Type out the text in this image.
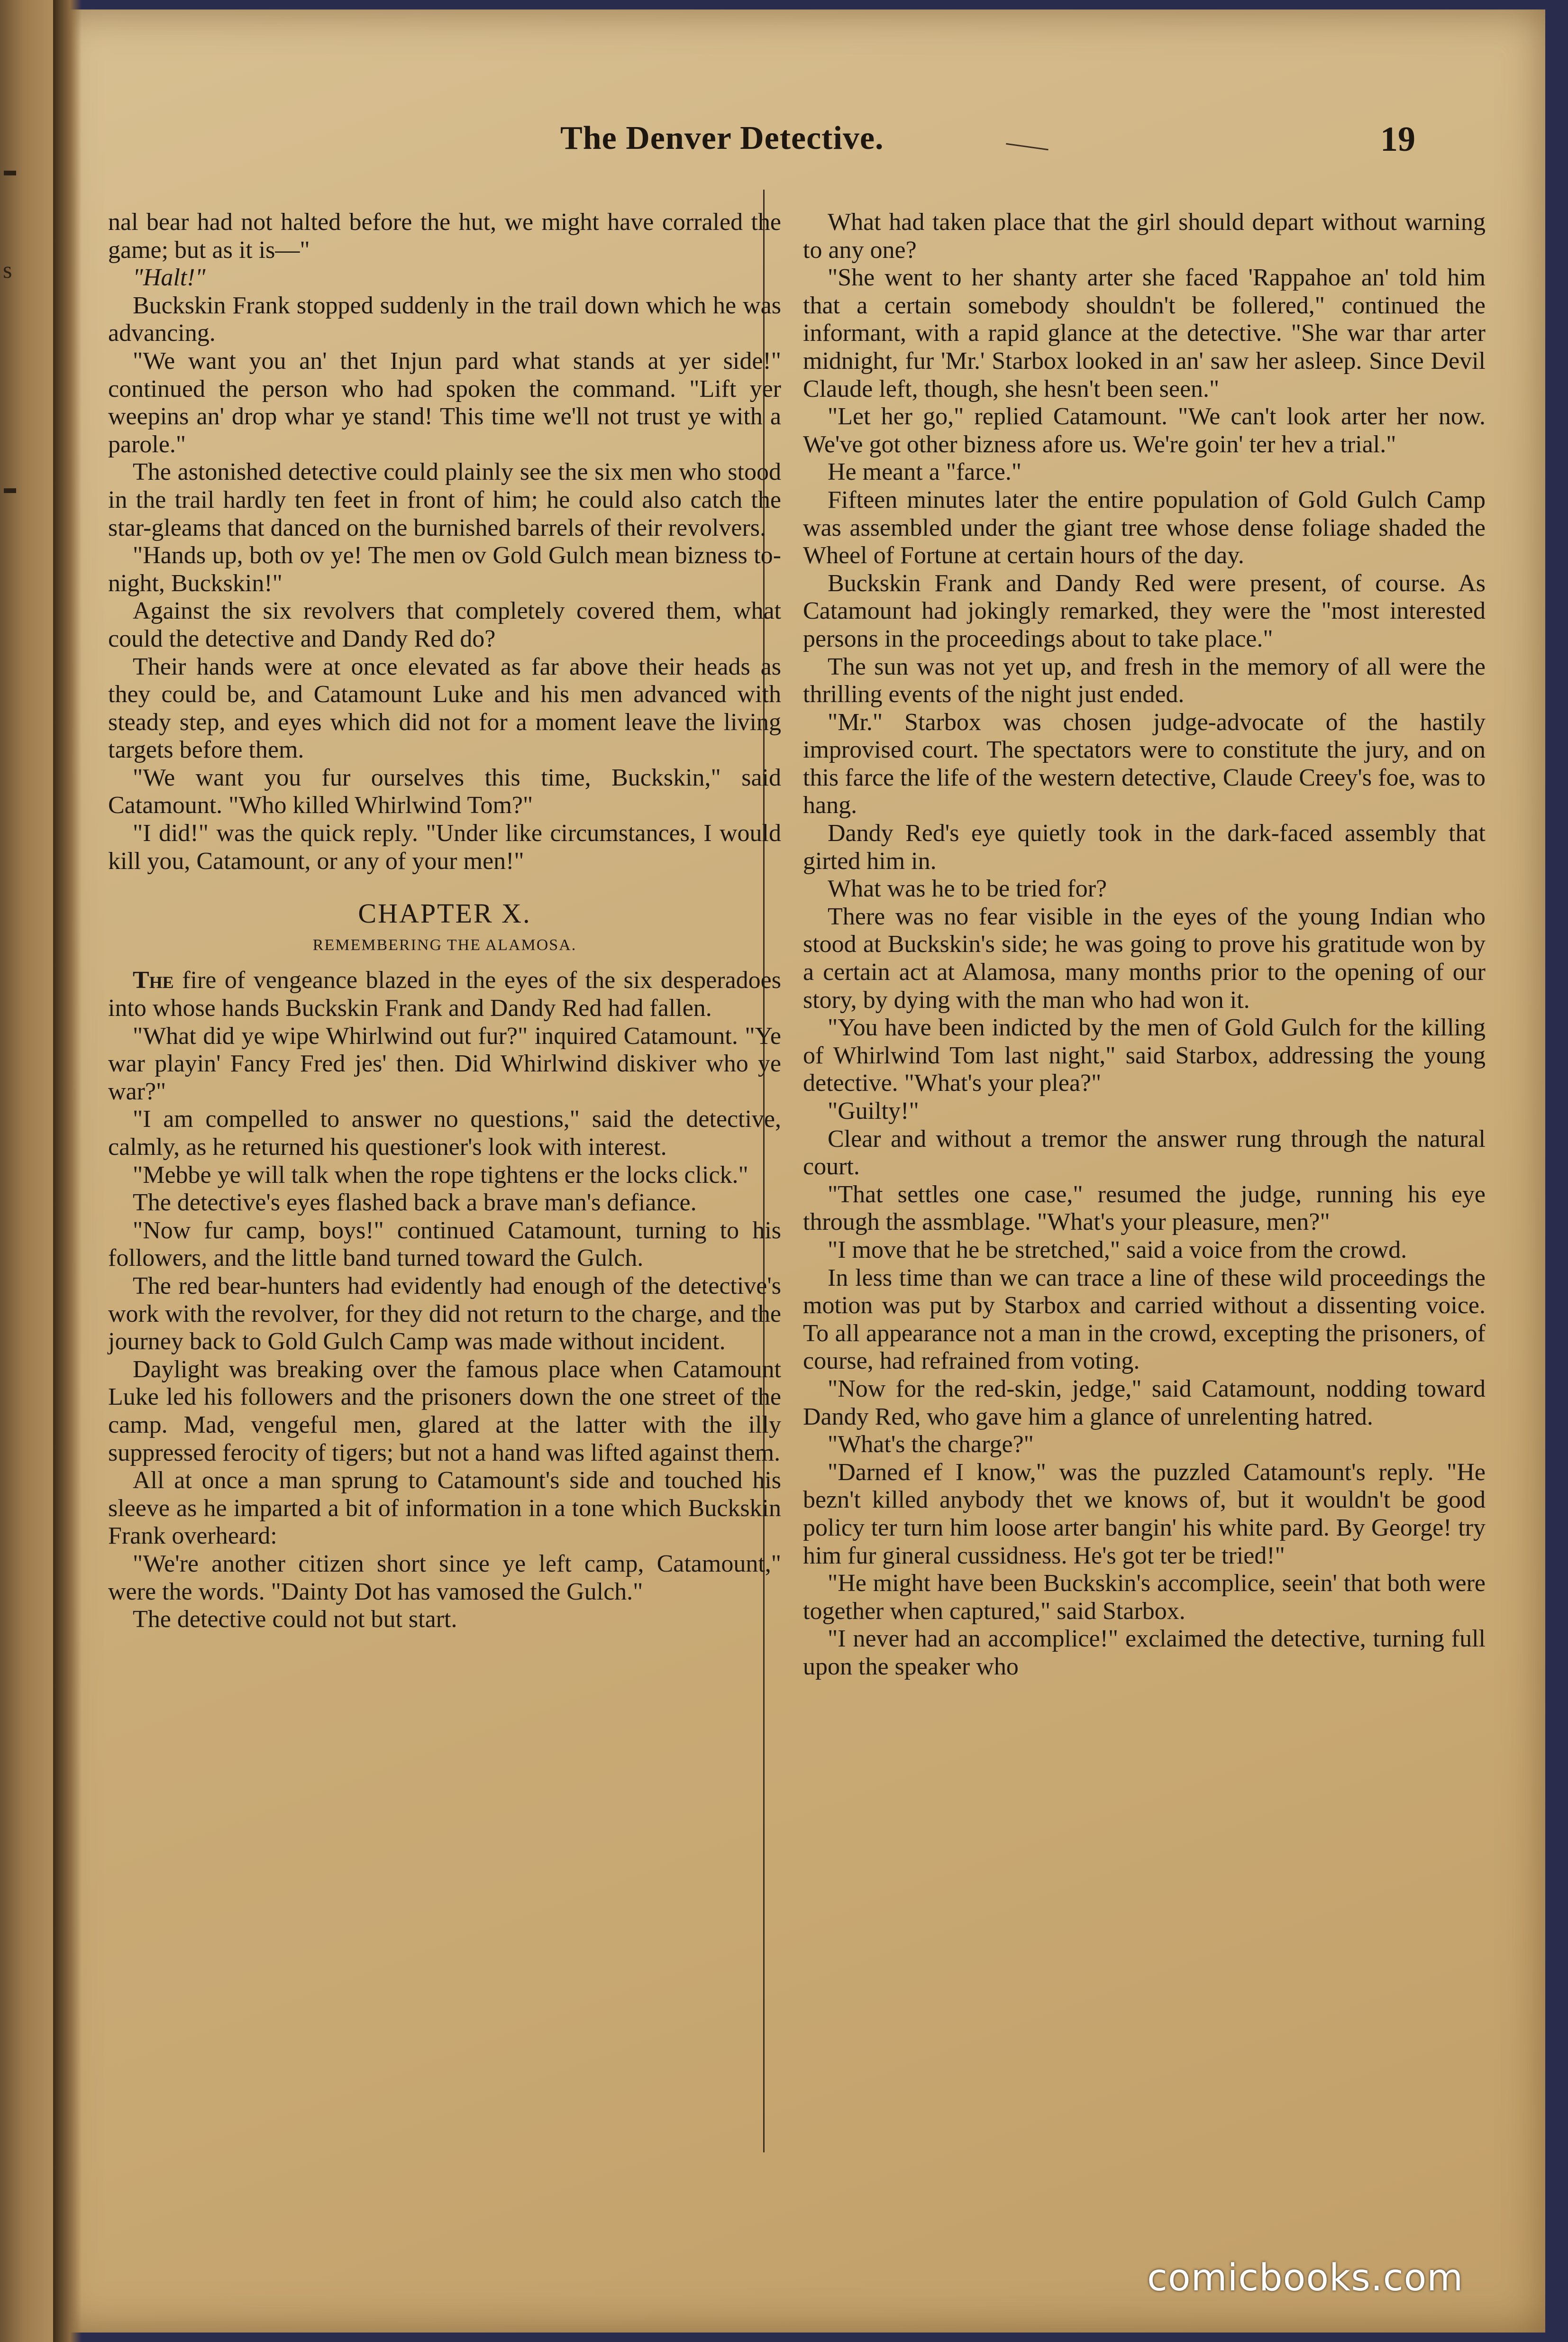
s
The Denver Detective.	19

nal bear had not halted before the hut, we might have corraled the game; but as it is—"

"Halt!"

Buckskin Frank stopped suddenly in the trail down which he was advancing.

"We want you an' thet Injun pard what stands at yer side!" continued the person who had spoken the command. "Lift yer weepins an' drop whar ye stand! This time we'll not trust ye with a parole."

The astonished detective could plainly see the six men who stood in the trail hardly ten feet in front of him; he could also catch the star-gleams that danced on the burnished barrels of their revolvers.

"Hands up, both ov ye! The men ov Gold Gulch mean bizness to-night, Buckskin!"

Against the six revolvers that completely covered them, what could the detective and Dandy Red do?

Their hands were at once elevated as far above their heads as they could be, and Catamount Luke and his men advanced with steady step, and eyes which did not for a moment leave the living targets before them.

"We want you fur ourselves this time, Buckskin," said Catamount. "Who killed Whirlwind Tom?"

"I did!" was the quick reply. "Under like circumstances, I would kill you, Catamount, or any of your men!"

CHAPTER X.
REMEMBERING THE ALAMOSA.

The fire of vengeance blazed in the eyes of the six desperadoes into whose hands Buckskin Frank and Dandy Red had fallen.

"What did ye wipe Whirlwind out fur?" inquired Catamount. "Ye war playin' Fancy Fred jes' then. Did Whirlwind diskiver who ye war?"

"I am compelled to answer no questions," said the detective, calmly, as he returned his questioner's look with interest.

"Mebbe ye will talk when the rope tightens er the locks click."

The detective's eyes flashed back a brave man's defiance.

"Now fur camp, boys!" continued Catamount, turning to his followers, and the little band turned toward the Gulch.

The red bear-hunters had evidently had enough of the detective's work with the revolver, for they did not return to the charge, and the journey back to Gold Gulch Camp was made without incident.

Daylight was breaking over the famous place when Catamount Luke led his followers and the prisoners down the one street of the camp. Mad, vengeful men, glared at the latter with the illy suppressed ferocity of tigers; but not a hand was lifted against them.

All at once a man sprung to Catamount's side and touched his sleeve as he imparted a bit of information in a tone which Buckskin Frank overheard:

"We're another citizen short since ye left camp, Catamount," were the words. "Dainty Dot has vamosed the Gulch."

The detective could not but start.

What had taken place that the girl should depart without warning to any one?

"She went to her shanty arter she faced 'Rappahoe an' told him that a certain somebody shouldn't be follered," continued the informant, with a rapid glance at the detective. "She war thar arter midnight, fur 'Mr.' Starbox looked in an' saw her asleep. Since Devil Claude left, though, she hesn't been seen."

"Let her go," replied Catamount. "We can't look arter her now. We've got other bizness afore us. We're goin' ter hev a trial."

He meant a "farce."

Fifteen minutes later the entire population of Gold Gulch Camp was assembled under the giant tree whose dense foliage shaded the Wheel of Fortune at certain hours of the day.

Buckskin Frank and Dandy Red were present, of course. As Catamount had jokingly remarked, they were the "most interested persons in the proceedings about to take place."

The sun was not yet up, and fresh in the memory of all were the thrilling events of the night just ended.

"Mr." Starbox was chosen judge-advocate of the hastily improvised court. The spectators were to constitute the jury, and on this farce the life of the western detective, Claude Creey's foe, was to hang.

Dandy Red's eye quietly took in the dark-faced assembly that girted him in.

What was he to be tried for?

There was no fear visible in the eyes of the young Indian who stood at Buckskin's side; he was going to prove his gratitude won by a certain act at Alamosa, many months prior to the opening of our story, by dying with the man who had won it.

"You have been indicted by the men of Gold Gulch for the killing of Whirlwind Tom last night," said Starbox, addressing the young detective. "What's your plea?"

"Guilty!"

Clear and without a tremor the answer rung through the natural court.

"That settles one case," resumed the judge, running his eye through the assmblage. "What's your pleasure, men?"

"I move that he be stretched," said a voice from the crowd.

In less time than we can trace a line of these wild proceedings the motion was put by Starbox and carried without a dissenting voice. To all appearance not a man in the crowd, excepting the prisoners, of course, had refrained from voting.

"Now for the red-skin, jedge," said Catamount, nodding toward Dandy Red, who gave him a glance of unrelenting hatred.

"What's the charge?"

"Darned ef I know," was the puzzled Catamount's reply. "He bezn't killed anybody thet we knows of, but it wouldn't be good policy ter turn him loose arter bangin' his white pard. By George! try him fur gineral cussidness. He's got ter be tried!"

"He might have been Buckskin's accomplice, seein' that both were together when captured," said Starbox.

"I never had an accomplice!" exclaimed the detective, turning full upon the speaker who

comicbooks.com
